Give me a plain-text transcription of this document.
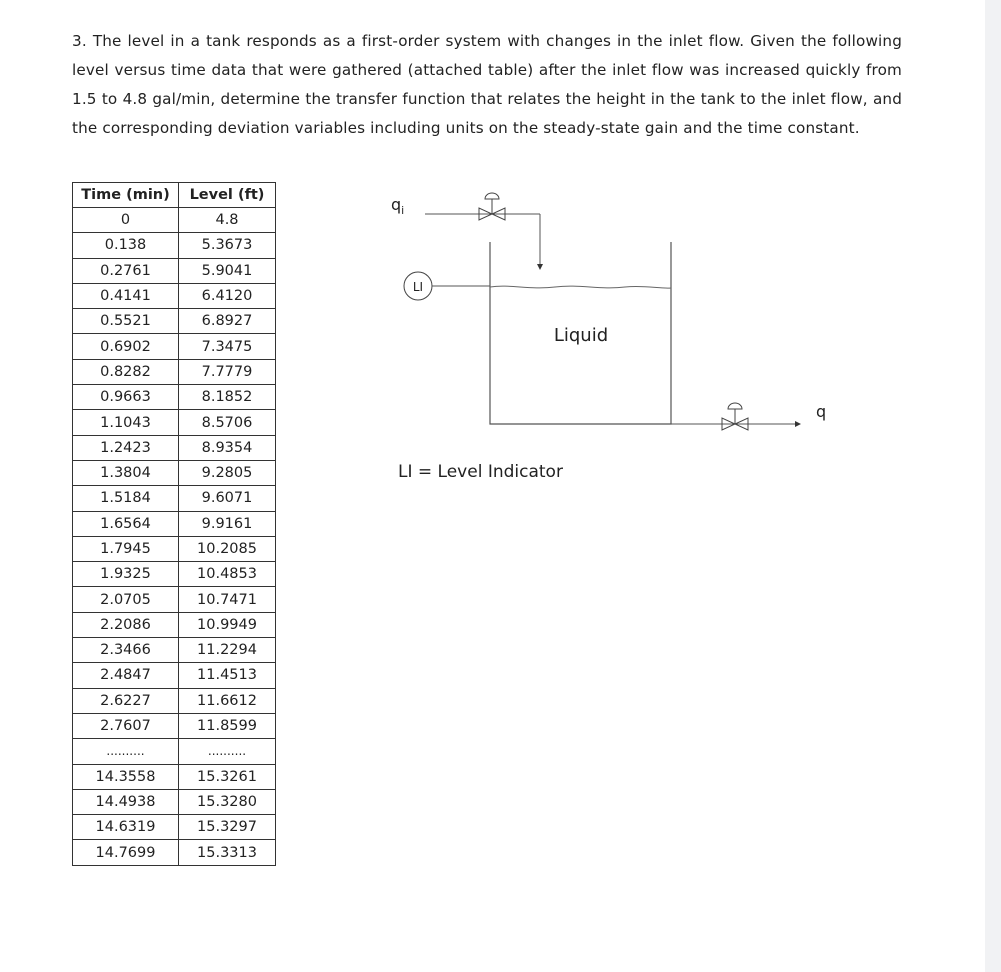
3. The level in a tank responds as a first-order system with changes in the inlet flow. Given the following level versus time data that were gathered (attached table) after the inlet flow was increased quickly from 1.5 to 4.8 gal/min, determine the transfer function that relates the height in the tank to the inlet flow, and the corresponding deviation variables including units on the steady-state gain and the time constant.

Time (min)	Level (ft)
0	4.8
0.138	5.3673
0.2761	5.9041
0.4141	6.4120
0.5521	6.8927
0.6902	7.3475
0.8282	7.7779
0.9663	8.1852
1.1043	8.5706
1.2423	8.9354
1.3804	9.2805
1.5184	9.6071
1.6564	9.9161
1.7945	10.2085
1.9325	10.4853
2.0705	10.7471
2.2086	10.9949
2.3466	11.2294
2.4847	11.4513
2.6227	11.6612
2.7607	11.8599
..........	..........
14.3558	15.3261
14.4938	15.3280
14.6319	15.3297
14.7699	15.3313
$q_i$
Liquid
LI
q
LI = Level Indicator
